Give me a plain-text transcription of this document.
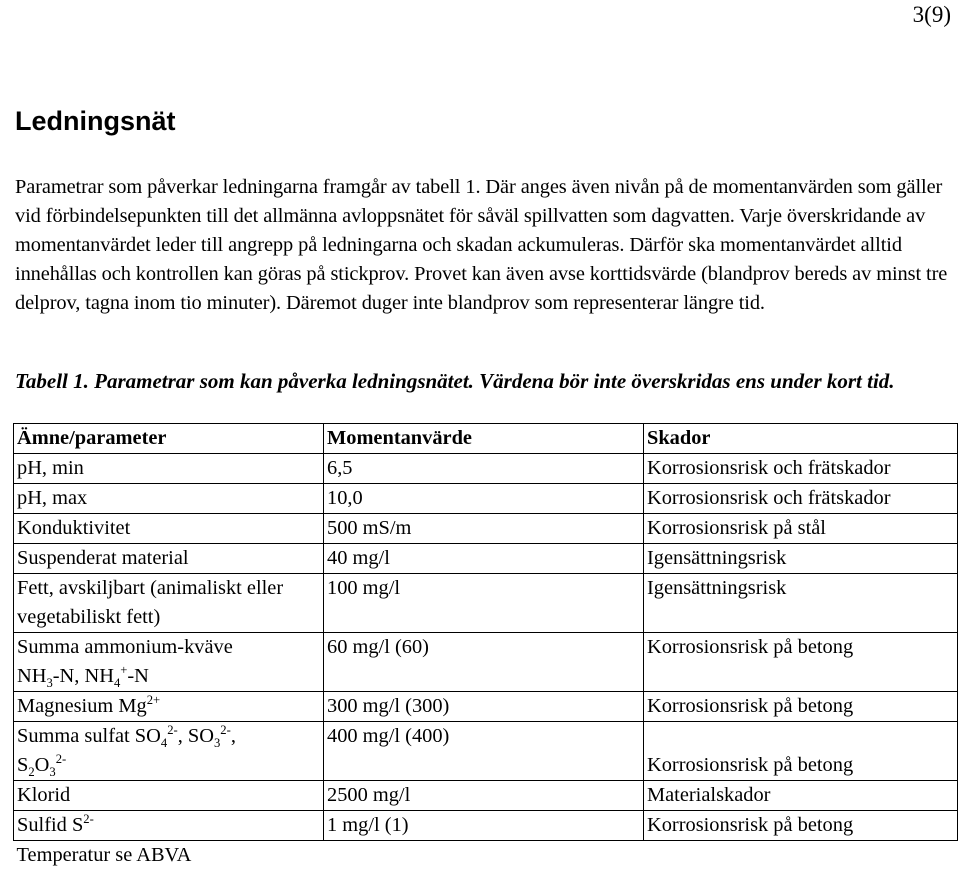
3(9)
Ledningsnät

Parametrar som påverkar ledningarna framgår av tabell 1. Där anges även nivån på de momentanvärden som gäller vid förbindelsepunkten till det allmänna avloppsnätet för såväl spillvatten som dagvatten. Varje överskridande av momentanvärdet leder till angrepp på ledningarna och skadan ackumuleras. Därför ska momentanvärdet alltid innehållas och kontrollen kan göras på stickprov. Provet kan även avse korttidsvärde (blandprov bereds av minst tre delprov, tagna inom tio minuter). Däremot duger inte blandprov som representerar längre tid.

Tabell 1. Parametrar som kan påverka ledningsnätet. Värdena bör inte överskridas ens under kort tid.

Ämne/parameter	Momentanvärde	Skador
pH, min	6,5	Korrosionsrisk och frätskador
pH, max	10,0	Korrosionsrisk och frätskador
Konduktivitet	500 mS/m	Korrosionsrisk på stål
Suspenderat material	40 mg/l	Igensättningsrisk
Fett, avskiljbart (animaliskt eller vegetabiliskt fett)	100 mg/l	Igensättningsrisk
Summa ammonium-kväve
$NH_3-N$, $NH_4^+-N$	60 mg/l (60)	Korrosionsrisk på betong
Magnesium $Mg^{2+}$	300 mg/l (300)	Korrosionsrisk på betong
Summa sulfat $SO_4^{2-}$, $SO_3^{2-}$,
$S_2O_3^{2-}$	400 mg/l (400)	Korrosionsrisk på betong
Klorid	2500 mg/l	Materialskador
Sulfid $S^{2-}$	1 mg/l (1)	Korrosionsrisk på betong
Temperatur se ABVA		
